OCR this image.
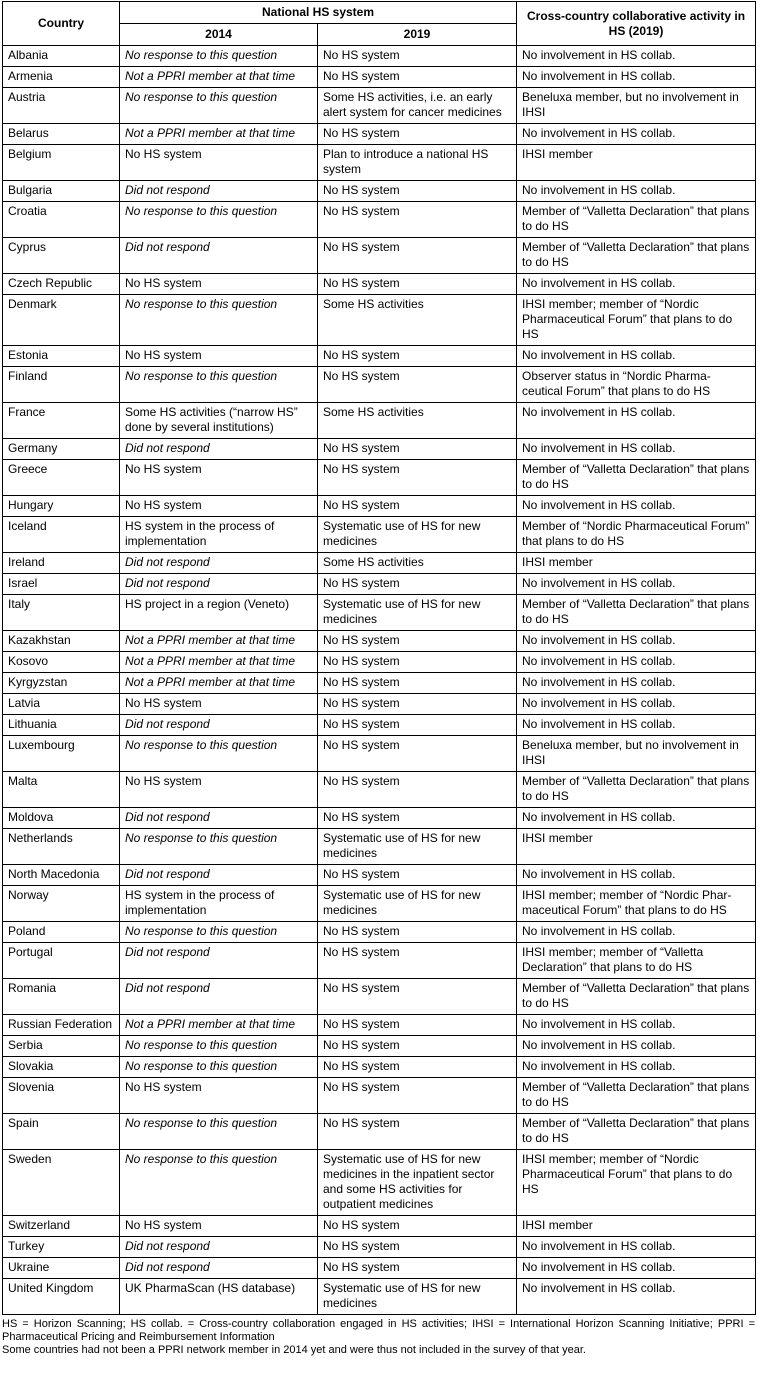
Country	National HS system		Cross-country collaborative activity in HS (2019)
	2014	2019	
Albania	No response to this question	No HS system	No involvement in HS collab.
Armenia	Not a PPRI member at that time	No HS system	No involvement in HS collab.
Austria	No response to this question	Some HS activities, i.e. an early alert system for cancer medicines	Beneluxa member, but no involvement in IHSI
Belarus	Not a PPRI member at that time	No HS system	No involvement in HS collab.
Belgium	No HS system	Plan to introduce a national HS system	IHSI member
Bulgaria	Did not respond	No HS system	No involvement in HS collab.
Croatia	No response to this question	No HS system	Member of “Valletta Declaration” that plans to do HS
Cyprus	Did not respond	No HS system	Member of “Valletta Declaration” that plans to do HS
Czech Republic	No HS system	No HS system	No involvement in HS collab.
Denmark	No response to this question	Some HS activities	IHSI member; member of “Nordic Pharmaceutical Forum” that plans to do HS
Estonia	No HS system	No HS system	No involvement in HS collab.
Finland	No response to this question	No HS system	Observer status in “Nordic Pharma-ceutical Forum” that plans to do HS
France	Some HS activities (“narrow HS” done by several institutions)	Some HS activities	No involvement in HS collab.
Germany	Did not respond	No HS system	No involvement in HS collab.
Greece	No HS system	No HS system	Member of “Valletta Declaration” that plans to do HS
Hungary	No HS system	No HS system	No involvement in HS collab.
Iceland	HS system in the process of implementation	Systematic use of HS for new medicines	Member of “Nordic Pharmaceutical Forum” that plans to do HS
Ireland	Did not respond	Some HS activities	IHSI member
Israel	Did not respond	No HS system	No involvement in HS collab.
Italy	HS project in a region (Veneto)	Systematic use of HS for new medicines	Member of “Valletta Declaration” that plans to do HS
Kazakhstan	Not a PPRI member at that time	No HS system	No involvement in HS collab.
Kosovo	Not a PPRI member at that time	No HS system	No involvement in HS collab.
Kyrgyzstan	Not a PPRI member at that time	No HS system	No involvement in HS collab.
Latvia	No HS system	No HS system	No involvement in HS collab.
Lithuania	Did not respond	No HS system	No involvement in HS collab.
Luxembourg	No response to this question	No HS system	Beneluxa member, but no involvement in IHSI
Malta	No HS system	No HS system	Member of “Valletta Declaration” that plans to do HS
Moldova	Did not respond	No HS system	No involvement in HS collab.
Netherlands	No response to this question	Systematic use of HS for new medicines	IHSI member
North Macedonia	Did not respond	No HS system	No involvement in HS collab.
Norway	HS system in the process of implementation	Systematic use of HS for new medicines	IHSI member; member of “Nordic Phar-maceutical Forum” that plans to do HS
Poland	No response to this question	No HS system	No involvement in HS collab.
Portugal	Did not respond	No HS system	IHSI member; member of “Valletta Declaration” that plans to do HS
Romania	Did not respond	No HS system	Member of “Valletta Declaration” that plans to do HS
Russian Federation	Not a PPRI member at that time	No HS system	No involvement in HS collab.
Serbia	No response to this question	No HS system	No involvement in HS collab.
Slovakia	No response to this question	No HS system	No involvement in HS collab.
Slovenia	No HS system	No HS system	Member of “Valletta Declaration” that plans to do HS
Spain	No response to this question	No HS system	Member of “Valletta Declaration” that plans to do HS
Sweden	No response to this question	Systematic use of HS for new medicines in the inpatient sector and some HS activities for outpatient medicines	IHSI member; member of “Nordic Pharmaceutical Forum” that plans to do HS
Switzerland	No HS system	No HS system	IHSI member
Turkey	Did not respond	No HS system	No involvement in HS collab.
Ukraine	Did not respond	No HS system	No involvement in HS collab.
United Kingdom	UK PharmaScan (HS database)	Systematic use of HS for new medicines	No involvement in HS collab.

HS = Horizon Scanning; HS collab. = Cross-country collaboration engaged in HS activities; IHSI = International Horizon Scanning Initiative; PPRI = Pharmaceutical Pricing and Reimbursement Information

Some countries had not been a PPRI network member in 2014 yet and were thus not included in the survey of that year.
